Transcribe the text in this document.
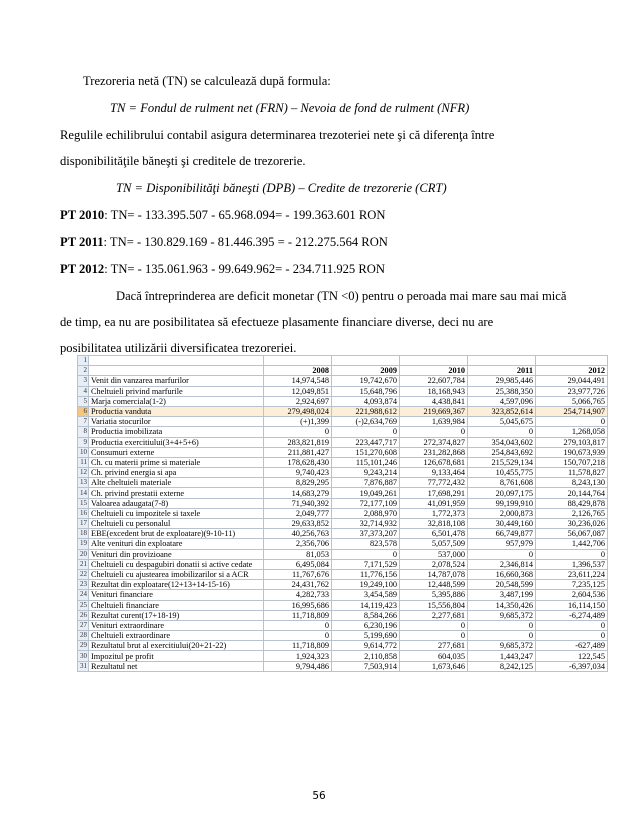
Trezoreria netă (TN) se calculează după formula:
TN = Fondul de rulment net (FRN) – Nevoia de fond de rulment (NFR)
Regulile echilibrului contabil asigura determinarea trezoteriei nete şi că diferenţa între
disponibilităţile băneşti şi creditele de trezorerie.
TN = Disponibilităţi băneşti (DPB) – Credite de trezorerie (CRT)
PT 2010: TN= - 133.395.507 - 65.968.094= - 199.363.601 RON
PT 2011: TN= - 130.829.169 - 81.446.395 = - 212.275.564 RON
PT 2012: TN= - 135.061.963 - 99.649.962= - 234.711.925 RON
Dacă întreprinderea are deficit monetar (TN <0) pentru o peroada mai mare sau mai mică
de timp, ea nu are posibilitatea să efectueze plasamente financiare diverse, deci nu are
posibilitatea utilizării diversificatea trezoreriei.
1						
2		2008	2009	2010	2011	2012
3	Venit din vanzarea marfurilor	14,974,548	19,742,670	22,607,784	29,985,446	29,044,491
4	Cheltuieli privind marfurile	12,049,851	15,648,796	18,168,943	25,388,350	23,977,726
5	Marja comerciala(1-2)	2,924,697	4,093,874	4,438,841	4,597,096	5,066,765
6	Productia vanduta	279,498,024	221,988,612	219,669,367	323,852,614	254,714,907
7	Variatia stocurilor	(+)1,399	(-)2,634,769	1,639,984	5,045,675	0
8	Productia imobilizata	0	0	0	0	1,268,058
9	Productia exercitiului(3+4+5+6)	283,821,819	223,447,717	272,374,827	354,043,602	279,103,817
10	Consumuri externe	211,881,427	151,270,608	231,282,868	254,843,692	190,673,939
11	Ch. cu materii prime si materiale	178,628,430	115,101,246	126,678,681	215,529,134	150,707,218
12	Ch. privind energia si apa	9,740,423	9,243,214	9,133,464	10,455,775	11,578,827
13	Alte cheltuieli materiale	8,829,295	7,876,887	77,772,432	8,761,608	8,243,130
14	Ch. privind prestatii externe	14,683,279	19,049,261	17,698,291	20,097,175	20,144,764
15	Valoarea adaugata(7-8)	71,940,392	72,177,109	41,091,959	99,199,910	88,429,878
16	Cheltuieli cu impozitele si taxele	2,049,777	2,088,970	1,772,373	2,000,873	2,126,765
17	Cheltuieli cu personalul	29,633,852	32,714,932	32,818,108	30,449,160	30,236,026
18	EBE(excedent brut de exploatare)(9-10-11)	40,256,763	37,373,207	6,501,478	66,749,877	56,067,087
19	Alte venituri din exploatare	2,356,706	823,578	5,057,509	957,979	1,442,706
20	Venituri din provizioane	81,053	0	537,000	0	0
21	Cheltuieli cu despagubiri donatii si active cedate	6,495,084	7,171,529	2,078,524	2,346,814	1,396,537
22	Cheltuieli cu ajustearea imobilizarilor si a ACR	11,767,676	11,776,156	14,787,078	16,660,368	23,611,224
23	Rezultat din exploatare(12+13+14-15-16)	24,431,762	19,249,100	12,448,599	20,548,599	7,235,125
24	Venituri financiare	4,282,733	3,454,589	5,395,886	3,487,199	2,604,536
25	Cheltuieli financiare	16,995,686	14,119,423	15,556,804	14,350,426	16,114,150
26	Rezultat curent(17+18-19)	11,718,809	8,584,266	2,277,681	9,685,372	-6,274,489
27	Venituri extraordinare	0	6,230,196	0	0	0
28	Cheltuieli extraordinare	0	5,199,690	0	0	0
29	Rezultatul brut al exercitiului(20+21-22)	11,718,809	9,614,772	277,681	9,685,372	-627,489
30	Impozitul pe profit	1,924,323	2,110,858	604,035	1,443,247	122,545
31	Rezultatul net	9,794,486	7,503,914	1,673,646	8,242,125	-6,397,034
56
